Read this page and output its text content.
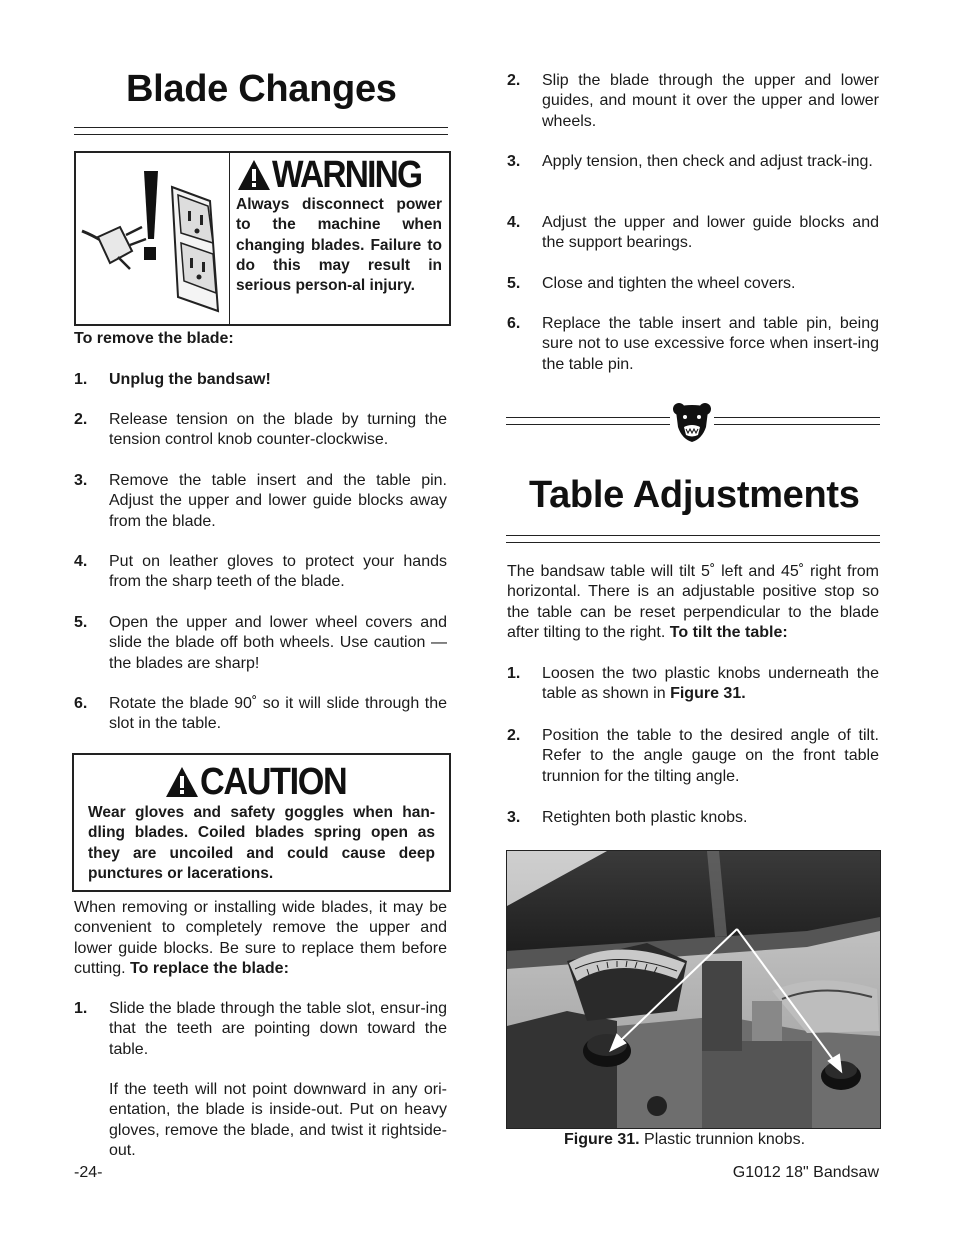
Blade Changes
WARNING
Always disconnect power to the machine when changing blades. Failure to do this may result in serious person-al injury.
To remove the blade:
1. Unplug the bandsaw!
2. Release tension on the blade by turning the tension control knob counter-clockwise.
3. Remove the table insert and the table pin. Adjust the upper and lower guide blocks away from the blade.
4. Put on leather gloves to protect your hands from the sharp teeth of the blade.
5. Open the upper and lower wheel covers and slide the blade off both wheels. Use caution — the blades are sharp!
6. Rotate the blade 90˚ so it will slide through the slot in the table.
CAUTION
Wear gloves and safety goggles when han-dling blades. Coiled blades spring open as they are uncoiled and could cause deep punctures or lacerations.
When removing or installing wide blades, it may be convenient to completely remove the upper and lower guide blocks. Be sure to replace them before cutting. To replace the blade:
1. Slide the blade through the table slot, ensur-ing that the teeth are pointing down toward the table.
If the teeth will not point downward in any ori-entation, the blade is inside-out. Put on heavy gloves, remove the blade, and twist it rightside-out.
2. Slip the blade through the upper and lower guides, and mount it over the upper and lower wheels.
3. Apply tension, then check and adjust track-ing.
4. Adjust the upper and lower guide blocks and the support bearings.
5. Close and tighten the wheel covers.
6. Replace the table insert and table pin, being sure not to use excessive force when insert-ing the table pin.
Table Adjustments
The bandsaw table will tilt 5˚ left and 45˚ right from horizontal. There is an adjustable positive stop so the table can be reset perpendicular to the blade after tilting to the right. To tilt the table:
1. Loosen the two plastic knobs underneath the table as shown in Figure 31.
2. Position the table to the desired angle of tilt. Refer to the angle gauge on the front table trunnion for the tilting angle.
3. Retighten both plastic knobs.
Figure 31. Plastic trunnion knobs.
-24-	G1012 18" Bandsaw
